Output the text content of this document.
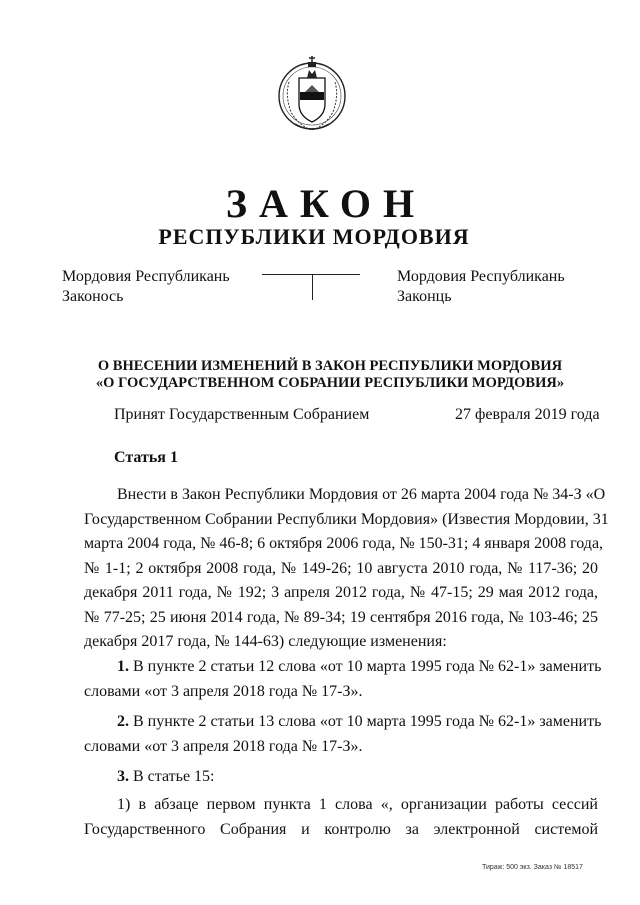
ЗАКОН
РЕСПУБЛИКИ МОРДОВИЯ
Мордовия Республикань
Законось
Мордовия Республикань
Законць
О ВНЕСЕНИИ ИЗМЕНЕНИЙ В ЗАКОН РЕСПУБЛИКИ МОРДОВИЯ
«О ГОСУДАРСТВЕННОМ СОБРАНИИ РЕСПУБЛИКИ МОРДОВИЯ»
Принят Государственным Собранием	27 февраля 2019 года
Статья 1
Внести в Закон Республики Мордовия от 26 марта 2004 года № 34-З «О
Государственном Собрании Республики Мордовия» (Известия Мордовии, 31
марта 2004 года, № 46-8; 6 октября 2006 года, № 150-31; 4 января 2008 года,
№ 1-1; 2 октября 2008 года, № 149-26; 10 августа 2010 года, № 117-36; 20
декабря 2011 года, № 192; 3 апреля 2012 года, № 47-15; 29 мая 2012 года,
№ 77-25; 25 июня 2014 года, № 89-34; 19 сентября 2016 года, № 103-46; 25
декабря 2017 года, № 144-63) следующие изменения:
1. В пункте 2 статьи 12 слова «от 10 марта 1995 года № 62-1» заменить
словами «от 3 апреля 2018 года № 17-З».
2. В пункте 2 статьи 13 слова «от 10 марта 1995 года № 62-1» заменить
словами «от 3 апреля 2018 года № 17-З».
3. В статье 15:
1) в абзаце первом пункта 1 слова «, организации работы сессий
Государственного Собрания и контролю за электронной системой
Тираж: 500 экз. Заказ № 18517
